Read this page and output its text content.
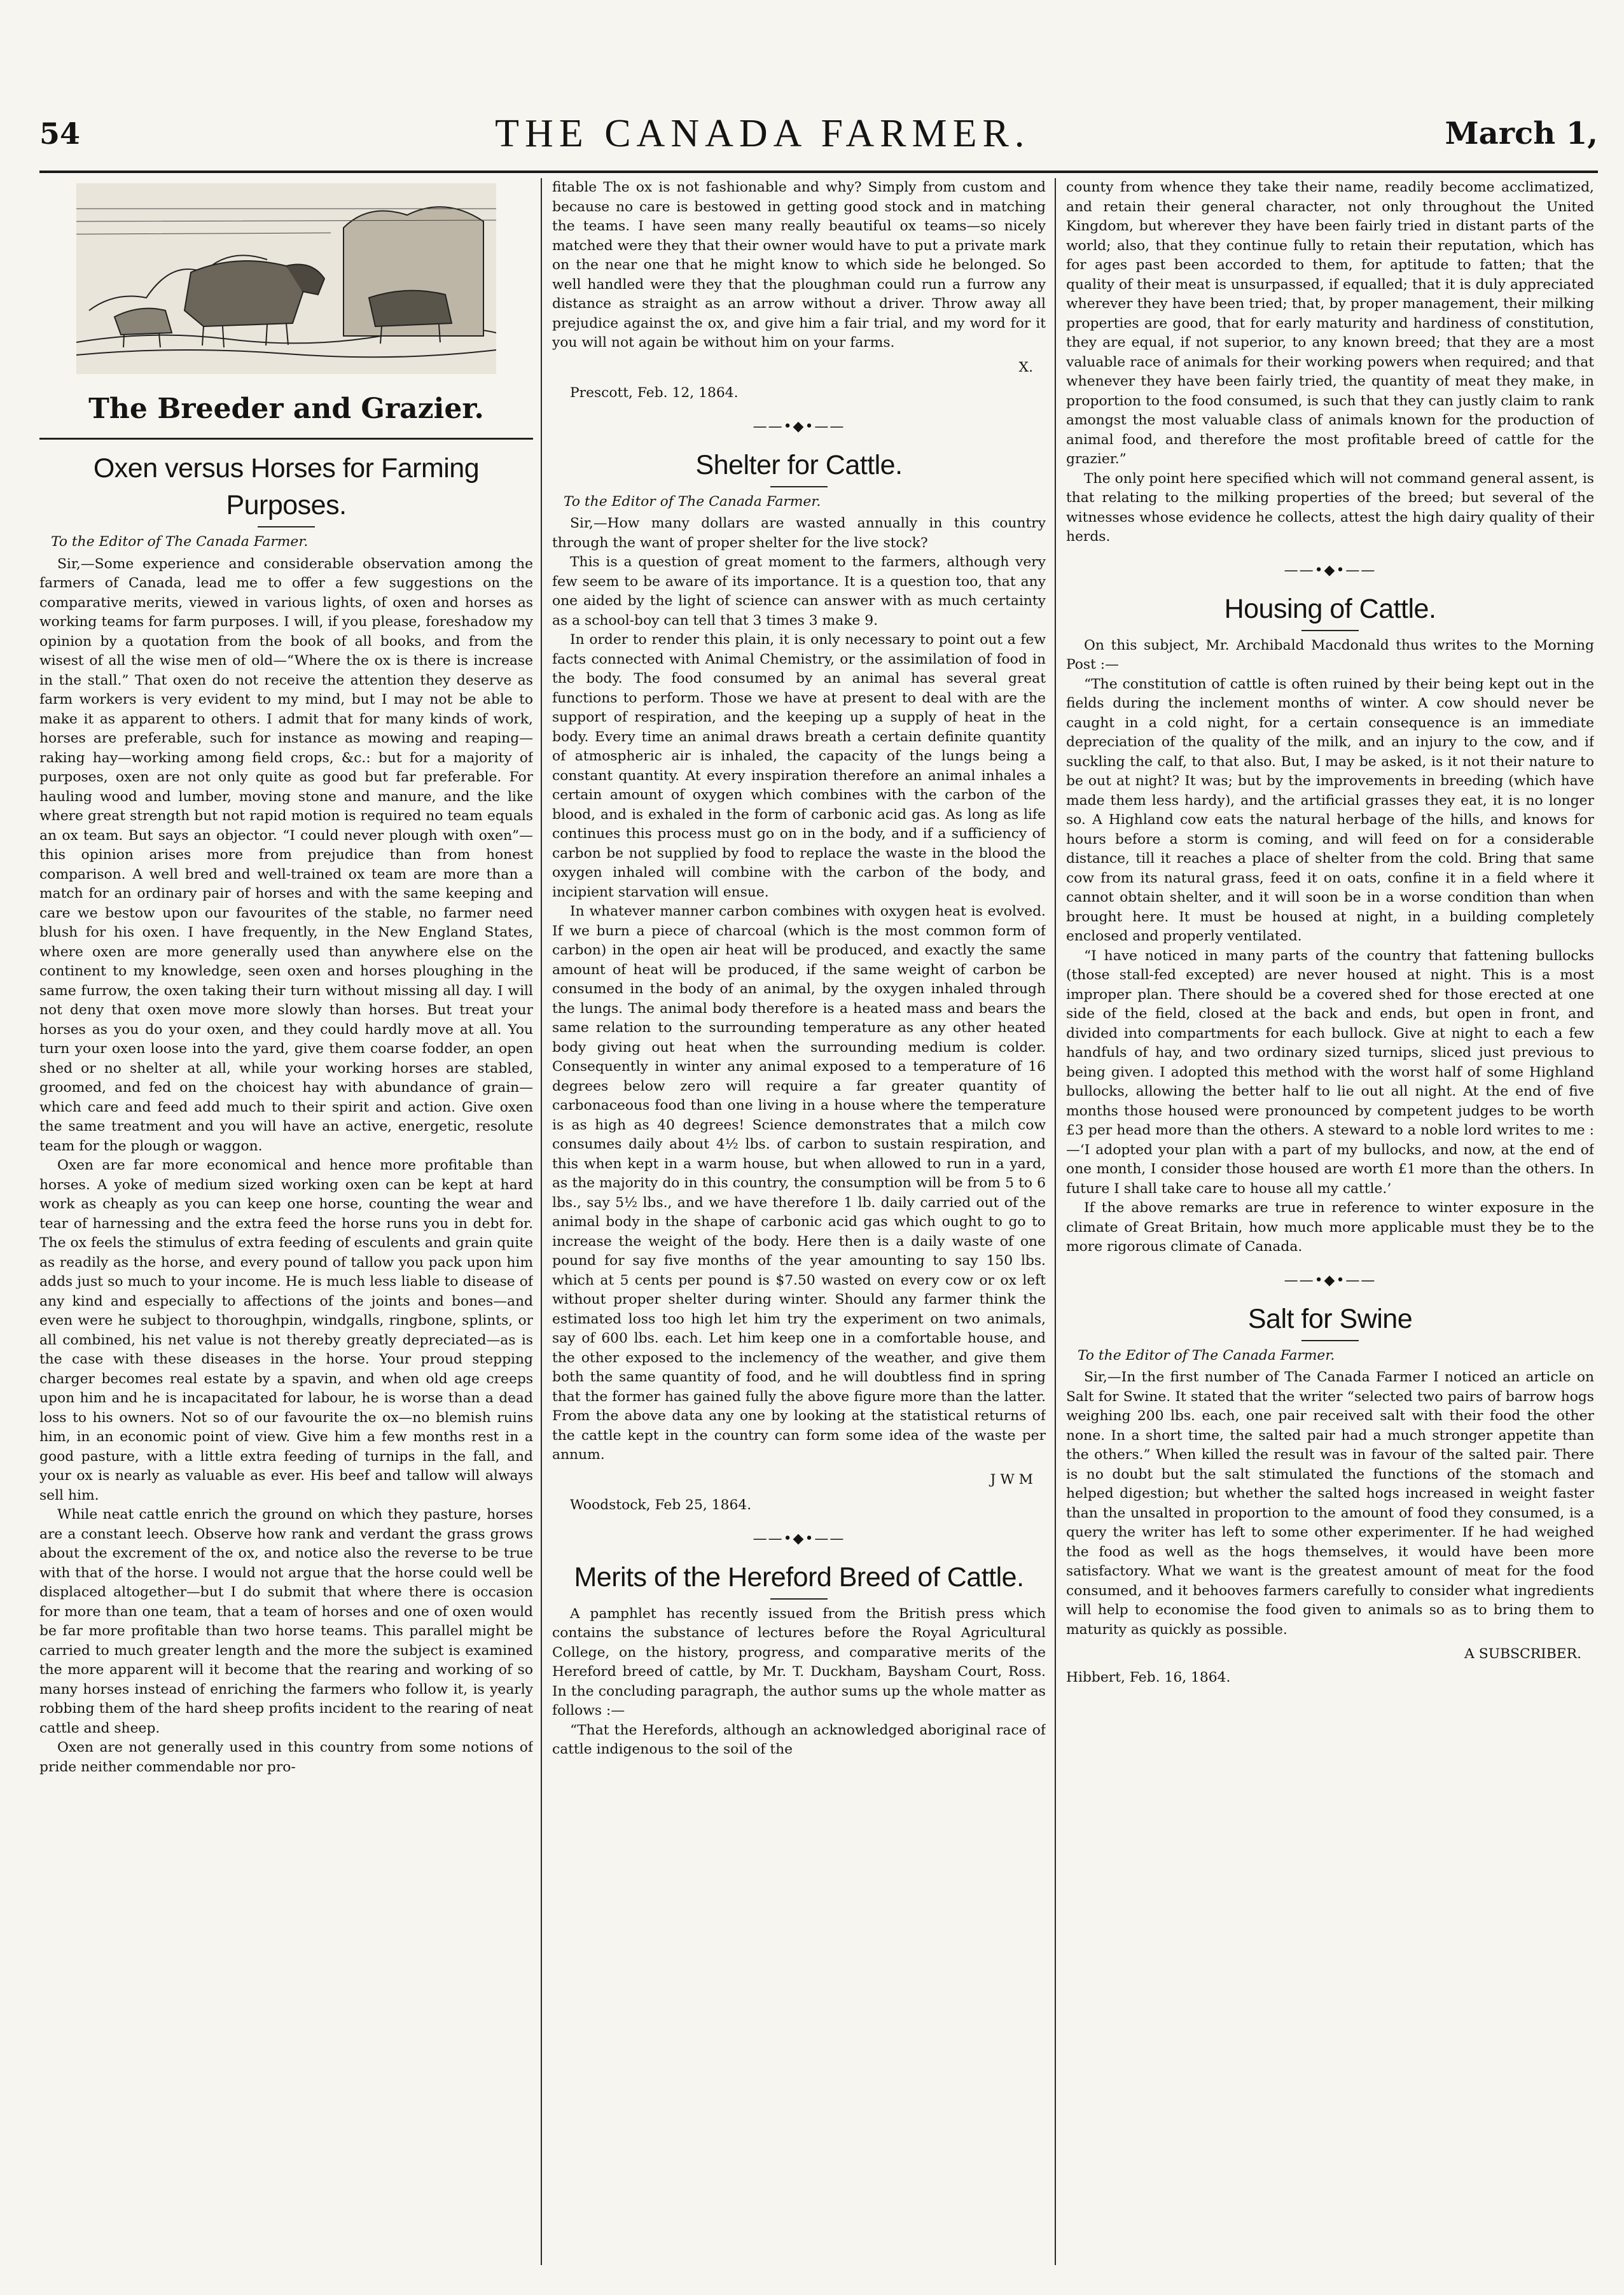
54	THE CANADA FARMER.	March 1,
The Breeder and Grazier.
Oxen versus Horses for Farming Purposes.

To the Editor of The Canada Farmer.

Sir,—Some experience and considerable observation among the farmers of Canada, lead me to offer a few suggestions on the comparative merits, viewed in various lights, of oxen and horses as working teams for farm purposes. I will, if you please, foreshadow my opinion by a quotation from the book of all books, and from the wisest of all the wise men of old—“Where the ox is there is increase in the stall.” That oxen do not receive the attention they deserve as farm workers is very evident to my mind, but I may not be able to make it as apparent to others. I admit that for many kinds of work, horses are preferable, such for instance as mowing and reaping—raking hay—working among field crops, &c.: but for a majority of purposes, oxen are not only quite as good but far preferable. For hauling wood and lumber, moving stone and manure, and the like where great strength but not rapid motion is required no team equals an ox team. But says an objector. “I could never plough with oxen”—this opinion arises more from prejudice than from honest comparison. A well bred and well-trained ox team are more than a match for an ordinary pair of horses and with the same keeping and care we bestow upon our favourites of the stable, no farmer need blush for his oxen. I have frequently, in the New England States, where oxen are more generally used than anywhere else on the continent to my knowledge, seen oxen and horses ploughing in the same furrow, the oxen taking their turn without missing all day. I will not deny that oxen move more slowly than horses. But treat your horses as you do your oxen, and they could hardly move at all. You turn your oxen loose into the yard, give them coarse fodder, an open shed or no shelter at all, while your working horses are stabled, groomed, and fed on the choicest hay with abundance of grain—which care and feed add much to their spirit and action. Give oxen the same treatment and you will have an active, energetic, resolute team for the plough or waggon.

Oxen are far more economical and hence more profitable than horses. A yoke of medium sized working oxen can be kept at hard work as cheaply as you can keep one horse, counting the wear and tear of harnessing and the extra feed the horse runs you in debt for. The ox feels the stimulus of extra feeding of esculents and grain quite as readily as the horse, and every pound of tallow you pack upon him adds just so much to your income. He is much less liable to disease of any kind and especially to affections of the joints and bones—and even were he subject to thoroughpin, windgalls, ringbone, splints, or all combined, his net value is not thereby greatly depreciated—as is the case with these diseases in the horse. Your proud stepping charger becomes real estate by a spavin, and when old age creeps upon him and he is incapacitated for labour, he is worse than a dead loss to his owners. Not so of our favourite the ox—no blemish ruins him, in an economic point of view. Give him a few months rest in a good pasture, with a little extra feeding of turnips in the fall, and your ox is nearly as valuable as ever. His beef and tallow will always sell him.

While neat cattle enrich the ground on which they pasture, horses are a constant leech. Observe how rank and verdant the grass grows about the excrement of the ox, and notice also the reverse to be true with that of the horse. I would not argue that the horse could well be displaced altogether—but I do submit that where there is occasion for more than one team, that a team of horses and one of oxen would be far more profitable than two horse teams. This parallel might be carried to much greater length and the more the subject is examined the more apparent will it become that the rearing and working of so many horses instead of enriching the farmers who follow it, is yearly robbing them of the hard sheep profits incident to the rearing of neat cattle and sheep.

Oxen are not generally used in this country from some notions of pride neither commendable nor pro-

fitable The ox is not fashionable and why? Simply from custom and because no care is bestowed in getting good stock and in matching the teams. I have seen many really beautiful ox teams—so nicely matched were they that their owner would have to put a private mark on the near one that he might know to which side he belonged. So well handled were they that the ploughman could run a furrow any distance as straight as an arrow without a driver. Throw away all prejudice against the ox, and give him a fair trial, and my word for it you will not again be without him on your farms.

X.

Prescott, Feb. 12, 1864.

——•◆•——
Shelter for Cattle.

To the Editor of The Canada Farmer.

Sir,—How many dollars are wasted annually in this country through the want of proper shelter for the live stock?

This is a question of great moment to the farmers, although very few seem to be aware of its importance. It is a question too, that any one aided by the light of science can answer with as much certainty as a school-boy can tell that 3 times 3 make 9.

In order to render this plain, it is only necessary to point out a few facts connected with Animal Chemistry, or the assimilation of food in the body. The food consumed by an animal has several great functions to perform. Those we have at present to deal with are the support of respiration, and the keeping up a supply of heat in the body. Every time an animal draws breath a certain definite quantity of atmospheric air is inhaled, the capacity of the lungs being a constant quantity. At every inspiration therefore an animal inhales a certain amount of oxygen which combines with the carbon of the blood, and is exhaled in the form of carbonic acid gas. As long as life continues this process must go on in the body, and if a sufficiency of carbon be not supplied by food to replace the waste in the blood the oxygen inhaled will combine with the carbon of the body, and incipient starvation will ensue.

In whatever manner carbon combines with oxygen heat is evolved. If we burn a piece of charcoal (which is the most common form of carbon) in the open air heat will be produced, and exactly the same amount of heat will be produced, if the same weight of carbon be consumed in the body of an animal, by the oxygen inhaled through the lungs. The animal body therefore is a heated mass and bears the same relation to the surrounding temperature as any other heated body giving out heat when the surrounding medium is colder. Consequently in winter any animal exposed to a temperature of 16 degrees below zero will require a far greater quantity of carbonaceous food than one living in a house where the temperature is as high as 40 degrees! Science demonstrates that a milch cow consumes daily about 4½ lbs. of carbon to sustain respiration, and this when kept in a warm house, but when allowed to run in a yard, as the majority do in this country, the consumption will be from 5 to 6 lbs., say 5½ lbs., and we have therefore 1 lb. daily carried out of the animal body in the shape of carbonic acid gas which ought to go to increase the weight of the body. Here then is a daily waste of one pound for say five months of the year amounting to say 150 lbs. which at 5 cents per pound is $7.50 wasted on every cow or ox left without proper shelter during winter. Should any farmer think the estimated loss too high let him try the experiment on two animals, say of 600 lbs. each. Let him keep one in a comfortable house, and the other exposed to the inclemency of the weather, and give them both the same quantity of food, and he will doubtless find in spring that the former has gained fully the above figure more than the latter. From the above data any one by looking at the statistical returns of the cattle kept in the country can form some idea of the waste per annum.

J W M

Woodstock, Feb 25, 1864.

——•◆•——
Merits of the Hereford Breed of Cattle.

A pamphlet has recently issued from the British press which contains the substance of lectures before the Royal Agricultural College, on the history, progress, and comparative merits of the Hereford breed of cattle, by Mr. T. Duckham, Baysham Court, Ross. In the concluding paragraph, the author sums up the whole matter as follows :—

“That the Herefords, although an acknowledged aboriginal race of cattle indigenous to the soil of the

county from whence they take their name, readily become acclimatized, and retain their general character, not only throughout the United Kingdom, but wherever they have been fairly tried in distant parts of the world; also, that they continue fully to retain their reputation, which has for ages past been accorded to them, for aptitude to fatten; that the quality of their meat is unsurpassed, if equalled; that it is duly appreciated wherever they have been tried; that, by proper management, their milking properties are good, that for early maturity and hardiness of constitution, they are equal, if not superior, to any known breed; that they are a most valuable race of animals for their working powers when required; and that whenever they have been fairly tried, the quantity of meat they make, in proportion to the food consumed, is such that they can justly claim to rank amongst the most valuable class of animals known for the production of animal food, and therefore the most profitable breed of cattle for the grazier.”

The only point here specified which will not command general assent, is that relating to the milking properties of the breed; but several of the witnesses whose evidence he collects, attest the high dairy quality of their herds.

——•◆•——
Housing of Cattle.

On this subject, Mr. Archibald Macdonald thus writes to the Morning Post :—

“The constitution of cattle is often ruined by their being kept out in the fields during the inclement months of winter. A cow should never be caught in a cold night, for a certain consequence is an immediate depreciation of the quality of the milk, and an injury to the cow, and if suckling the calf, to that also. But, I may be asked, is it not their nature to be out at night? It was; but by the improvements in breeding (which have made them less hardy), and the artificial grasses they eat, it is no longer so. A Highland cow eats the natural herbage of the hills, and knows for hours before a storm is coming, and will feed on for a considerable distance, till it reaches a place of shelter from the cold. Bring that same cow from its natural grass, feed it on oats, confine it in a field where it cannot obtain shelter, and it will soon be in a worse condition than when brought here. It must be housed at night, in a building completely enclosed and properly ventilated.

“I have noticed in many parts of the country that fattening bullocks (those stall-fed excepted) are never housed at night. This is a most improper plan. There should be a covered shed for those erected at one side of the field, closed at the back and ends, but open in front, and divided into compartments for each bullock. Give at night to each a few handfuls of hay, and two ordinary sized turnips, sliced just previous to being given. I adopted this method with the worst half of some Highland bullocks, allowing the better half to lie out all night. At the end of five months those housed were pronounced by competent judges to be worth £3 per head more than the others. A steward to a noble lord writes to me :—‘I adopted your plan with a part of my bullocks, and now, at the end of one month, I consider those housed are worth £1 more than the others. In future I shall take care to house all my cattle.’

If the above remarks are true in reference to winter exposure in the climate of Great Britain, how much more applicable must they be to the more rigorous climate of Canada.

——•◆•——
Salt for Swine

To the Editor of The Canada Farmer.

Sir,—In the first number of The Canada Farmer I noticed an article on Salt for Swine. It stated that the writer “selected two pairs of barrow hogs weighing 200 lbs. each, one pair received salt with their food the other none. In a short time, the salted pair had a much stronger appetite than the others.” When killed the result was in favour of the salted pair. There is no doubt but the salt stimulated the functions of the stomach and helped digestion; but whether the salted hogs increased in weight faster than the unsalted in proportion to the amount of food they consumed, is a query the writer has left to some other experimenter. If he had weighed the food as well as the hogs themselves, it would have been more satisfactory. What we want is the greatest amount of meat for the food consumed, and it behooves farmers carefully to consider what ingredients will help to economise the food given to animals so as to bring them to maturity as quickly as possible.

A SUBSCRIBER.

Hibbert, Feb. 16, 1864.
